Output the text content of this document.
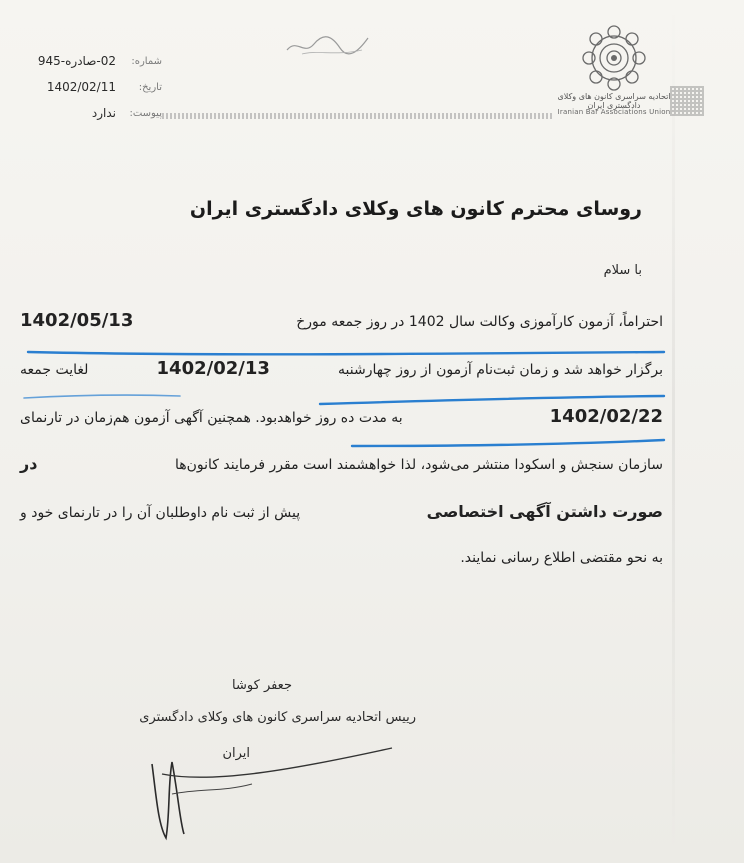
شماره:
02-صادره-945
تاریخ:
1402/02/11
پیوست:
ندارد
اتحادیه سراسری کانون های وکلای دادگستری ایران
Iranian Bar Associations Union
روسای محترم کانون های وکلای دادگستری ایران
با سلام
احتراماً، آزمون کارآموزی وکالت سال 1402 در روز جمعه مورخ 1402/05/13
برگزار خواهد شد و زمان ثبت‌نام آزمون از روز چهارشنبه 1402/02/13 لغایت جمعه
1402/02/22 به مدت ده روز خواهدبود. همچنین آگهی آزمون هم‌زمان در تارنمای
سازمان سنجش و اسکودا منتشر می‌شود، لذا خواهشمند است مقرر فرمایند کانون‌ها در
صورت داشتن آگهی اختصاصی پیش از ثبت نام داوطلبان آن را در تارنمای خود و
به نحو مقتضی اطلاع رسانی نمایند.
جعفر کوشا
رییس اتحادیه سراسری کانون های وکلای دادگستری
ایران
